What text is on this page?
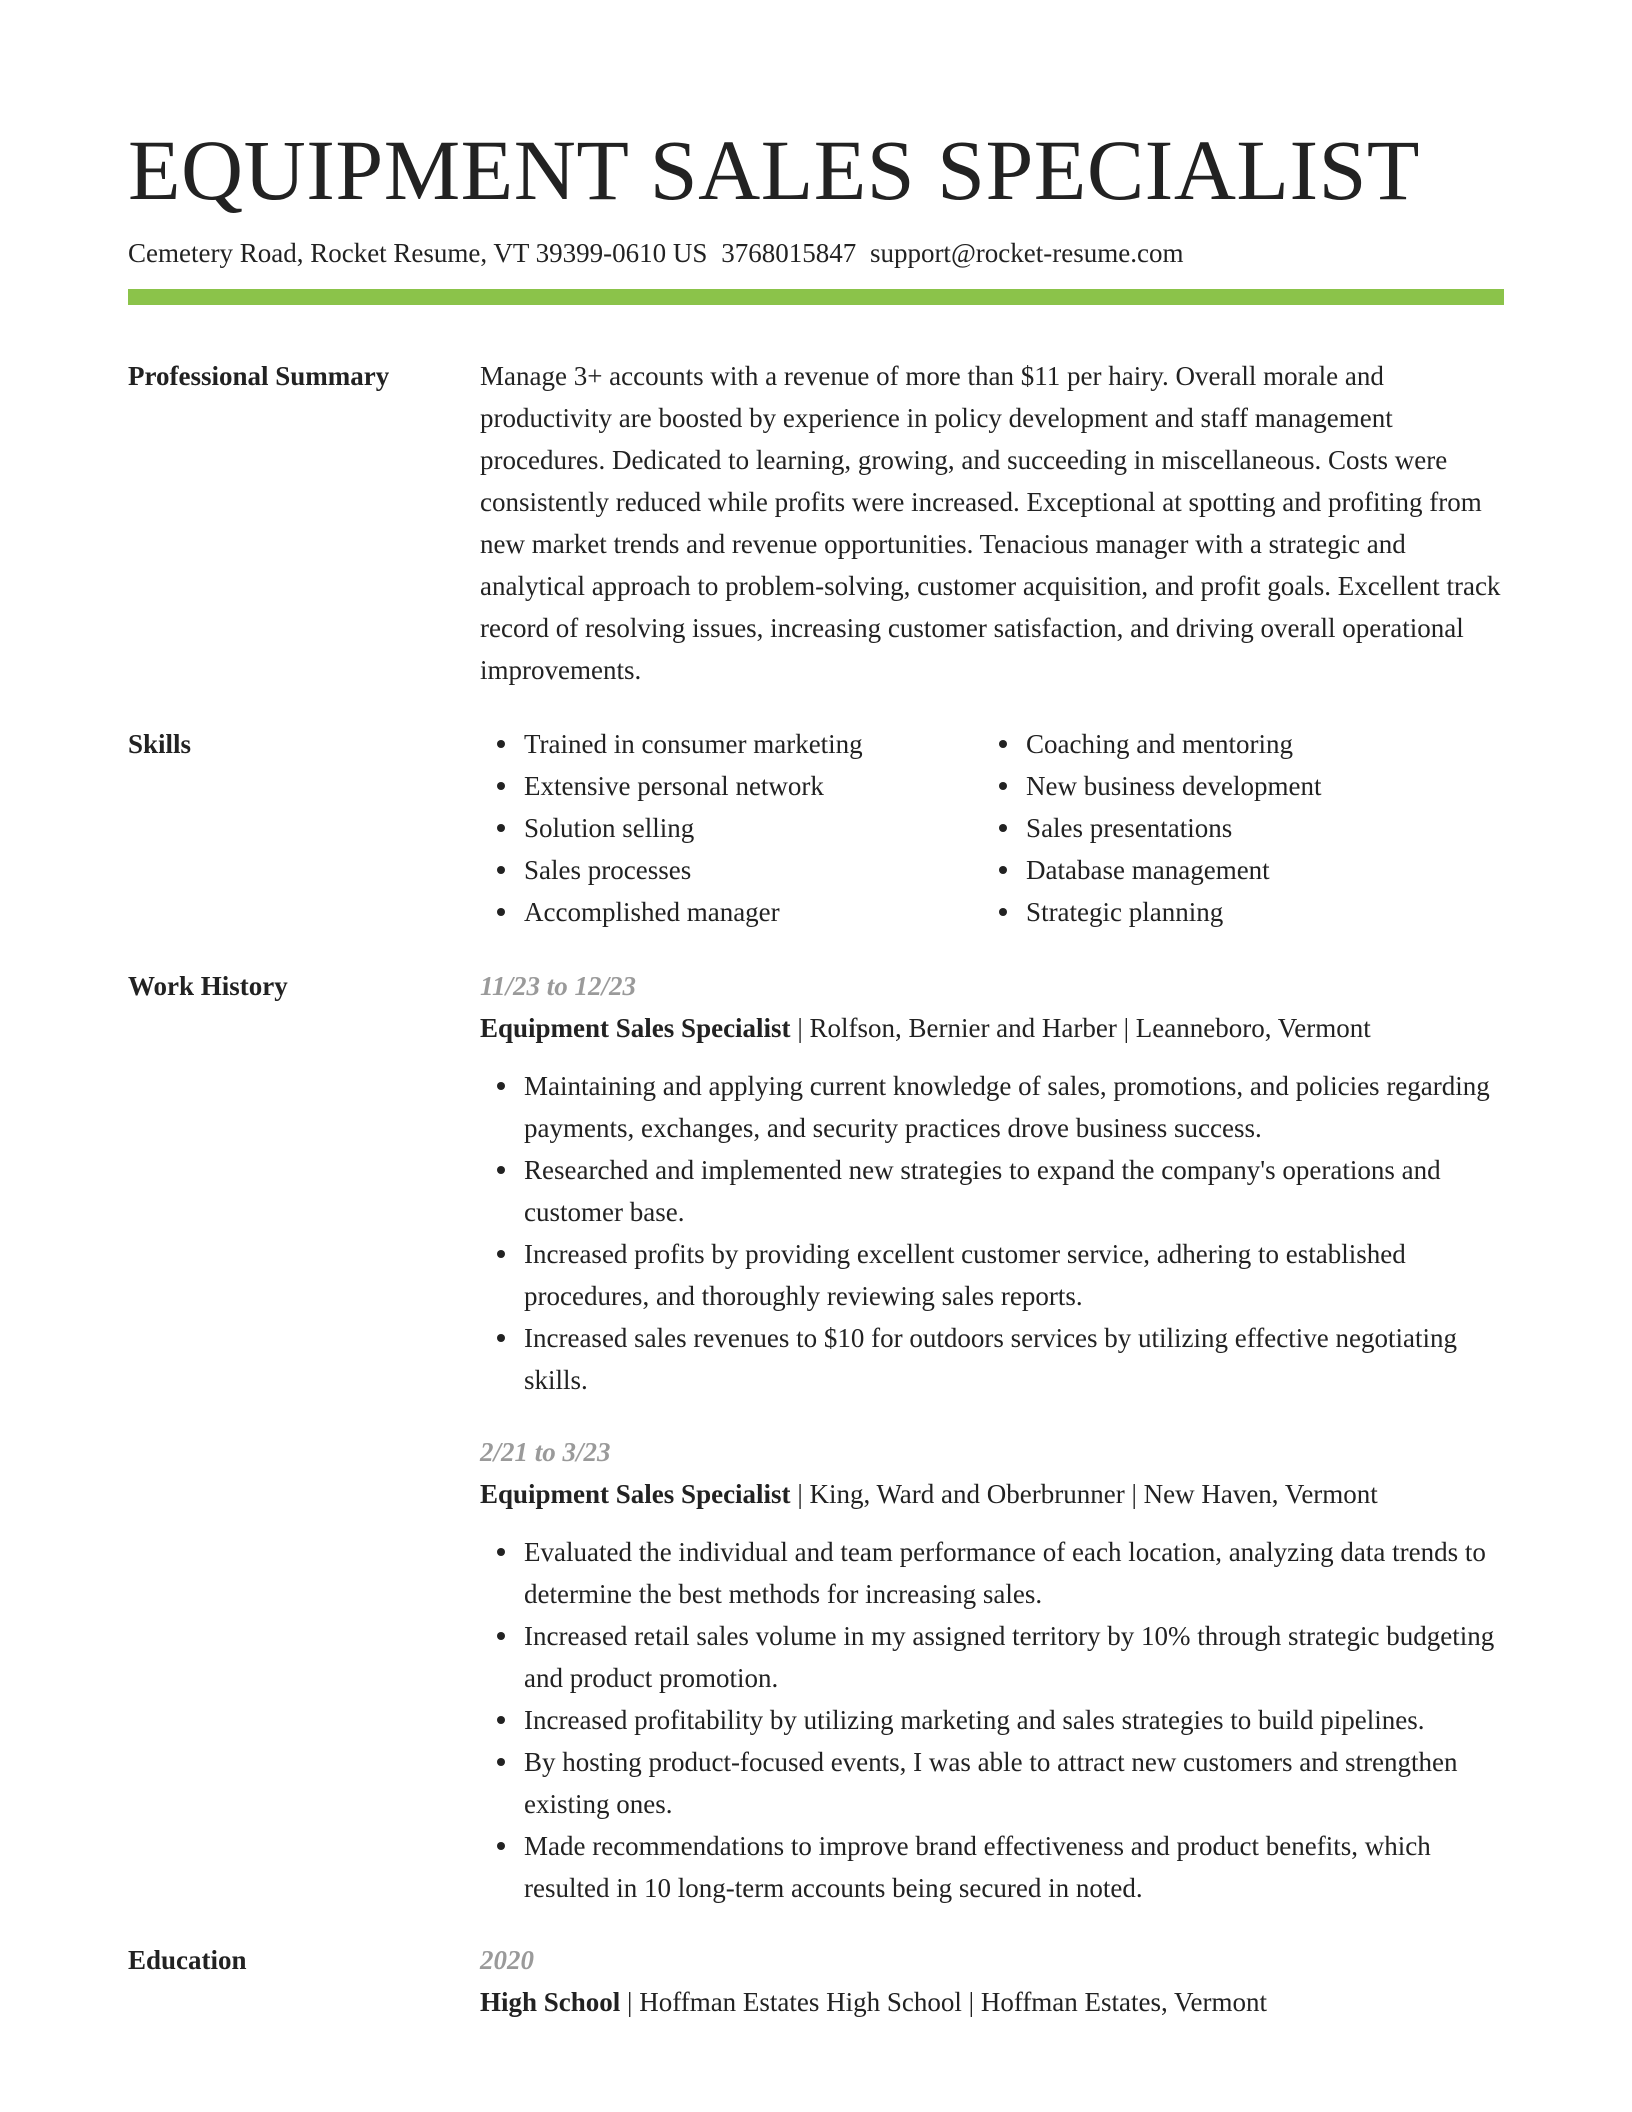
EQUIPMENT SALES SPECIALIST
Cemetery Road, Rocket Resume, VT 39399-0610 US 3768015847 support@rocket-resume.com
Professional Summary	Manage 3+ accounts with a revenue of more than $11 per hairy. Overall morale and productivity are boosted by experience in policy development and staff management procedures. Dedicated to learning, growing, and succeeding in miscellaneous. Costs were consistently reduced while profits were increased. Exceptional at spotting and profiting from new market trends and revenue opportunities. Tenacious manager with a strategic and analytical approach to problem-solving, customer acquisition, and profit goals. Excellent track record of resolving issues, increasing customer satisfaction, and driving overall operational improvements.
Skills	Trained in consumer marketing
Extensive personal network
Solution selling
Sales processes
Accomplished manager
Coaching and mentoring
New business development
Sales presentations
Database management
Strategic planning
Work History	11/23 to 12/23
Equipment Sales Specialist | Rolfson, Bernier and Harber | Leanneboro, Vermont
Maintaining and applying current knowledge of sales, promotions, and policies regarding payments, exchanges, and security practices drove business success.
Researched and implemented new strategies to expand the company's operations and customer base.
Increased profits by providing excellent customer service, adhering to established procedures, and thoroughly reviewing sales reports.
Increased sales revenues to $10 for outdoors services by utilizing effective negotiating skills.
2/21 to 3/23
Equipment Sales Specialist | King, Ward and Oberbrunner | New Haven, Vermont
Evaluated the individual and team performance of each location, analyzing data trends to determine the best methods for increasing sales.
Increased retail sales volume in my assigned territory by 10% through strategic budgeting and product promotion.
Increased profitability by utilizing marketing and sales strategies to build pipelines.
By hosting product-focused events, I was able to attract new customers and strengthen existing ones.
Made recommendations to improve brand effectiveness and product benefits, which resulted in 10 long-term accounts being secured in noted.
Education	2020
High School | Hoffman Estates High School | Hoffman Estates, Vermont
